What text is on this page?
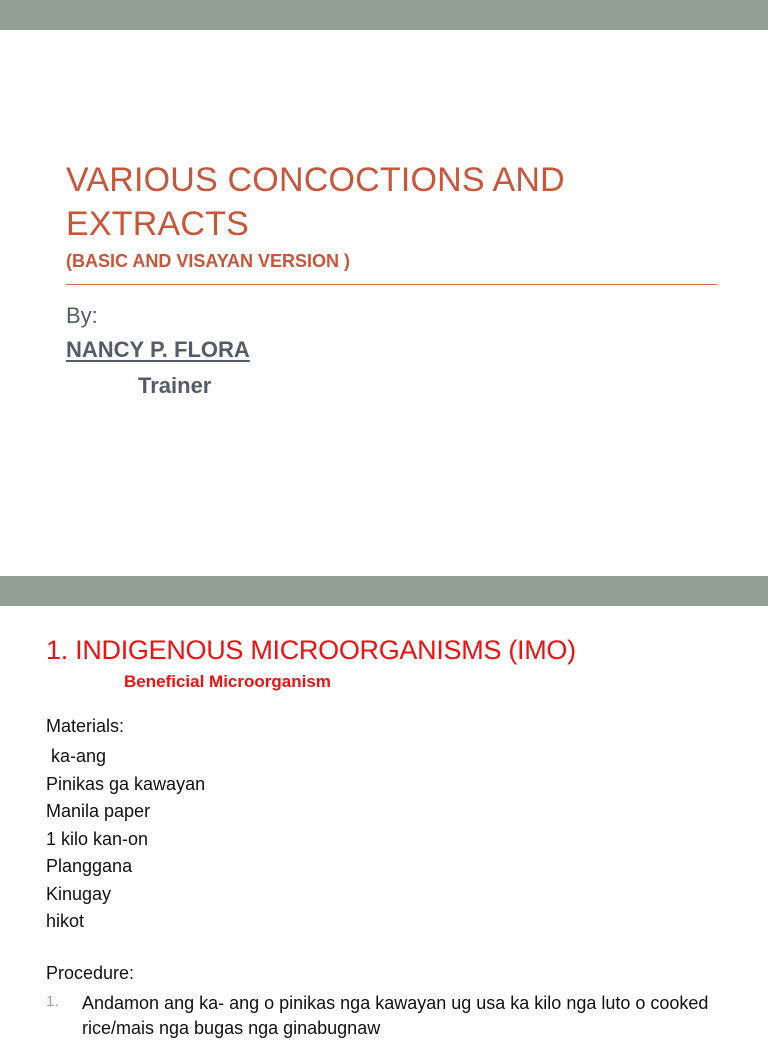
VARIOUS CONCOCTIONS AND
EXTRACTS
(BASIC AND VISAYAN VERSION )
By:
NANCY P. FLORA
Trainer
1. INDIGENOUS MICROORGANISMS (IMO)
Beneficial Microorganism
Materials:
ka-ang
Pinikas ga kawayan
Manila paper
1 kilo kan-on
Planggana
Kinugay
hikot
Procedure:
1. Andamon ang ka- ang o pinikas nga kawayan ug usa ka kilo nga luto o cooked rice/mais nga bugas nga ginabugnaw
